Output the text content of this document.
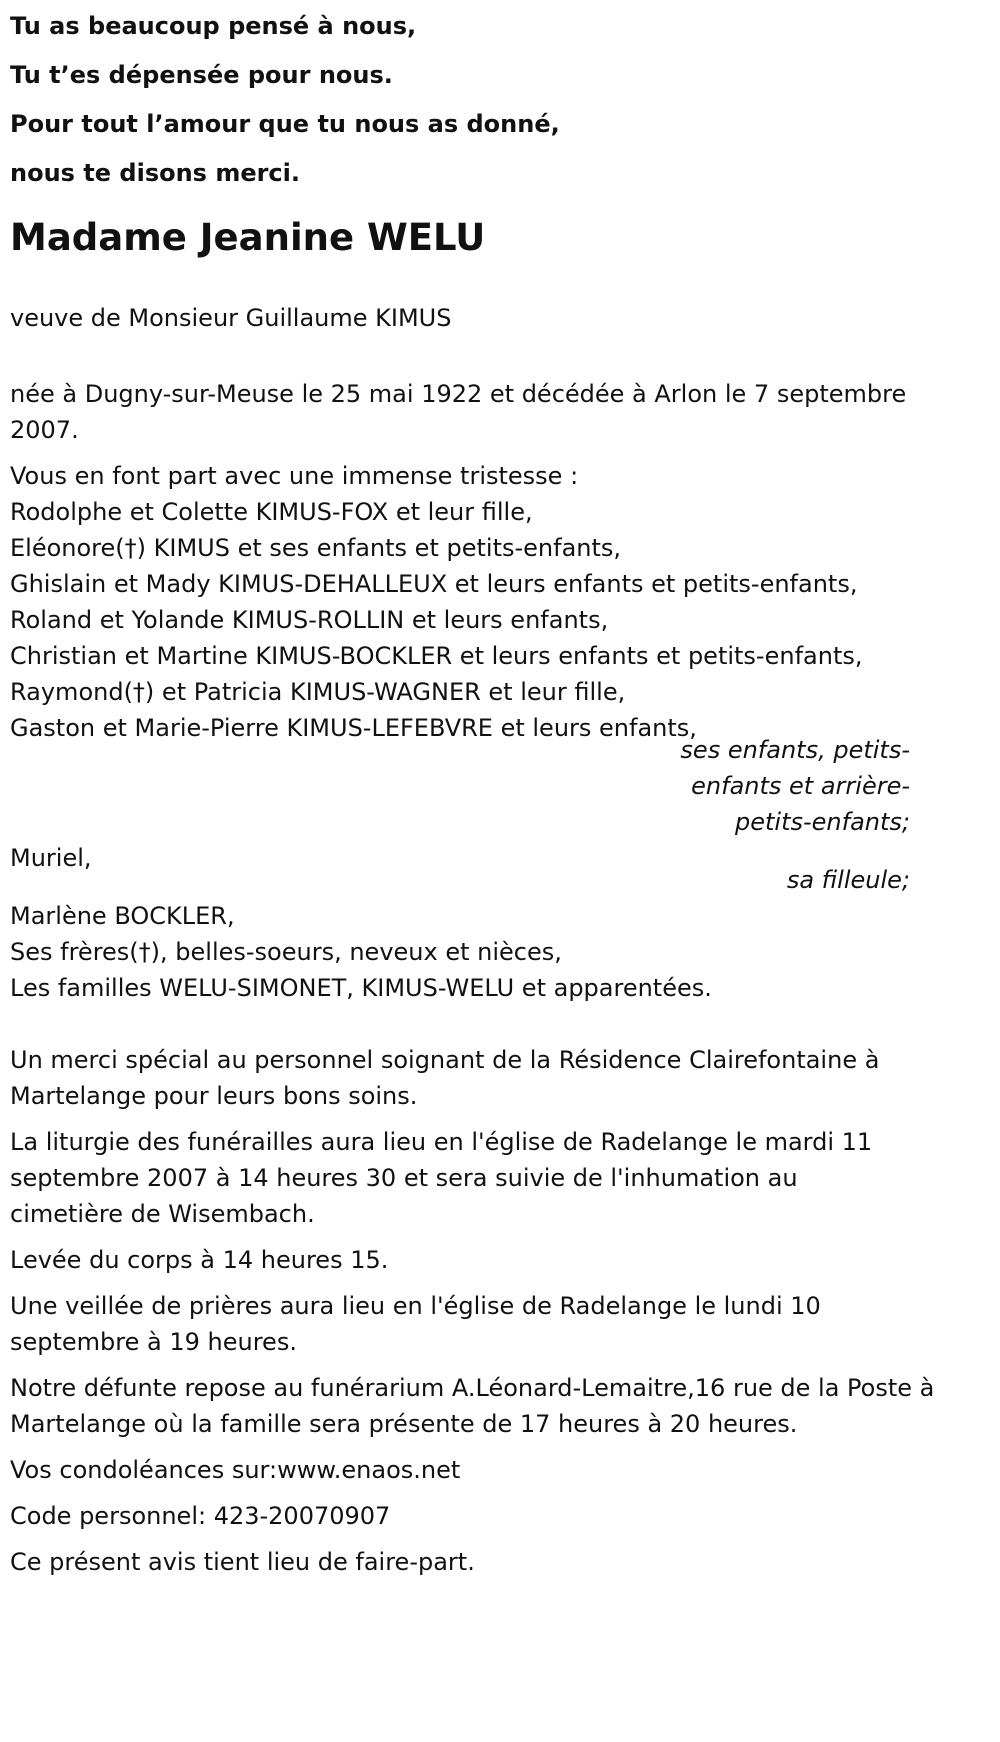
Tu as beaucoup pensé à nous,
Tu t’es dépensée pour nous.
Pour tout l’amour que tu nous as donné,
nous te disons merci.
Madame Jeanine WELU

veuve de Monsieur Guillaume KIMUS

née à Dugny-sur-Meuse le 25 mai 1922 et décédée à Arlon le 7 septembre 2007.

Vous en font part avec une immense tristesse :
Rodolphe et Colette KIMUS-FOX et leur fille,
Eléonore(†) KIMUS et ses enfants et petits-enfants,
Ghislain et Mady KIMUS-DEHALLEUX et leurs enfants et petits-enfants,
Roland et Yolande KIMUS-ROLLIN et leurs enfants,
Christian et Martine KIMUS-BOCKLER et leurs enfants et petits-enfants,
Raymond(†) et Patricia KIMUS-WAGNER et leur fille,
Gaston et Marie-Pierre KIMUS-LEFEBVRE et leurs enfants,
ses enfants, petits-
enfants et arrière-
petits-enfants;
Muriel,
sa filleule;
Marlène BOCKLER,
Ses frères(†), belles-soeurs, neveux et nièces,
Les familles WELU-SIMONET, KIMUS-WELU et apparentées.

Un merci spécial au personnel soignant de la Résidence Clairefontaine à Martelange pour leurs bons soins.

La liturgie des funérailles aura lieu en l'église de Radelange le mardi 11 septembre 2007 à 14 heures 30 et sera suivie de l'inhumation au cimetière de Wisembach.

Levée du corps à 14 heures 15.

Une veillée de prières aura lieu en l'église de Radelange le lundi 10 septembre à 19 heures.

Notre défunte repose au funérarium A.Léonard-Lemaitre,16 rue de la Poste à Martelange où la famille sera présente de 17 heures à 20 heures.

Vos condoléances sur:www.enaos.net

Code personnel: 423-20070907

Ce présent avis tient lieu de faire-part.
